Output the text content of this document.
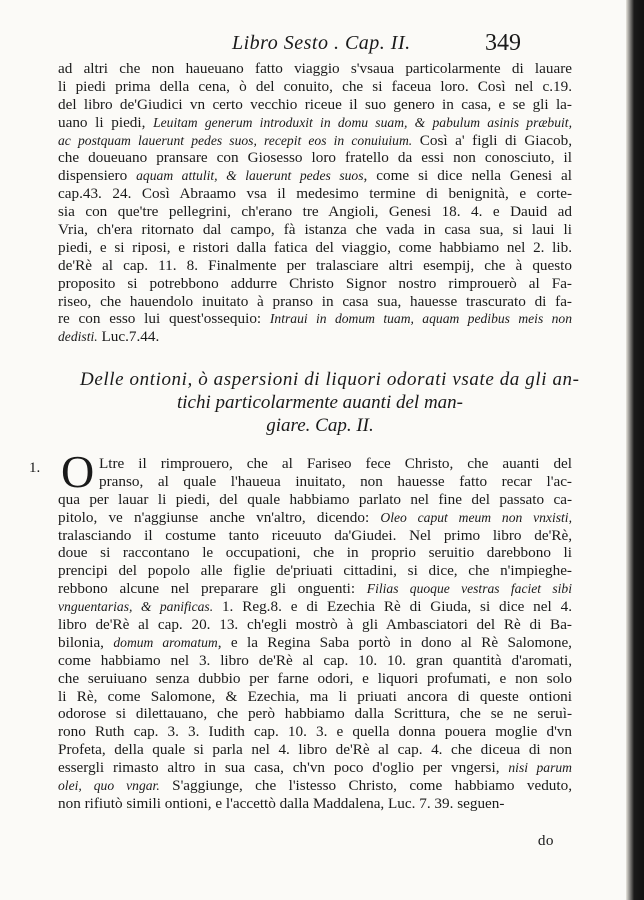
Libro Sesto . Cap. II.	349
ad altri che non haueuano fatto viaggio s'vsaua particolarmente di lauare
li piedi prima della cena, ò del conuito, che si faceua loro. Così nel c.19.
del libro de'Giudici vn certo vecchio riceue il suo genero in casa, e se gli la-
uano li piedi, Leuitam generum introduxit in domu suam, & pabulum asinis præbuit,
ac postquam lauerunt pedes suos, recepit eos in conuiuium. Così a' figli di Giacob,
che doueuano pransare con Giosesso loro fratello da essi non conosciuto, il
dispensiero aquam attulit, & lauerunt pedes suos, come si dice nella Genesi al
cap.43. 24. Così Abraamo vsa il medesimo termine di benignità, e corte-
sia con que'tre pellegrini, ch'erano tre Angioli, Genesi 18. 4. e Dauid ad
Vria, ch'era ritornato dal campo, fà istanza che vada in casa sua, si laui li
piedi, e si riposi, e ristori dalla fatica del viaggio, come habbiamo nel 2. lib.
de'Rè al cap. 11. 8. Finalmente per tralasciare altri esempij, che à questo
proposito si potrebbono addurre Christo Signor nostro rimprouerò al Fa-
riseo, che hauendolo inuitato à pranso in casa sua, hauesse trascurato di fa-
re con esso lui quest'ossequio: Intraui in domum tuam, aquam pedibus meis non
dedisti. Luc.7.44.
Delle ontioni, ò aspersioni di liquori odorati vsate da gli an-
tichi particolarmente auanti del man-
giare. Cap. II.
1. O Ltre il rimprouero, che al Fariseo fece Christo, che auanti del
pranso, al quale l'haueua inuitato, non hauesse fatto recar l'ac-
qua per lauar li piedi, del quale habbiamo parlato nel fine del passato ca-
pitolo, ve n'aggiunse anche vn'altro, dicendo: Oleo caput meum non vnxisti,
tralasciando il costume tanto riceuuto da'Giudei. Nel primo libro de'Rè,
doue si raccontano le occupationi, che in proprio seruitio darebbono li
prencipi del popolo alle figlie de'priuati cittadini, si dice, che n'impieghe-
rebbono alcune nel preparare gli onguenti: Filias quoque vestras faciet sibi
vnguentarias, & panificas. 1. Reg.8. e di Ezechia Rè di Giuda, si dice nel 4.
libro de'Rè al cap. 20. 13. ch'egli mostrò à gli Ambasciatori del Rè di Ba-
bilonia, domum aromatum, e la Regina Saba portò in dono al Rè Salomone,
come habbiamo nel 3. libro de'Rè al cap. 10. 10. gran quantità d'aromati,
che seruiuano senza dubbio per farne odori, e liquori profumati, e non solo
li Rè, come Salomone, & Ezechia, ma li priuati ancora di queste ontioni
odorose si dilettauano, che però habbiamo dalla Scrittura, che se ne seruì-
rono Ruth cap. 3. 3. Iudith cap. 10. 3. e quella donna pouera moglie d'vn
Profeta, della quale si parla nel 4. libro de'Rè al cap. 4. che diceua di non
essergli rimasto altro in sua casa, ch'vn poco d'oglio per vngersi, nisi parum
olei, quo vngar. S'aggiunge, che l'istesso Christo, come habbiamo veduto,
non rifiutò simili ontioni, e l'accettò dalla Maddalena, Luc. 7. 39. seguen-
do
